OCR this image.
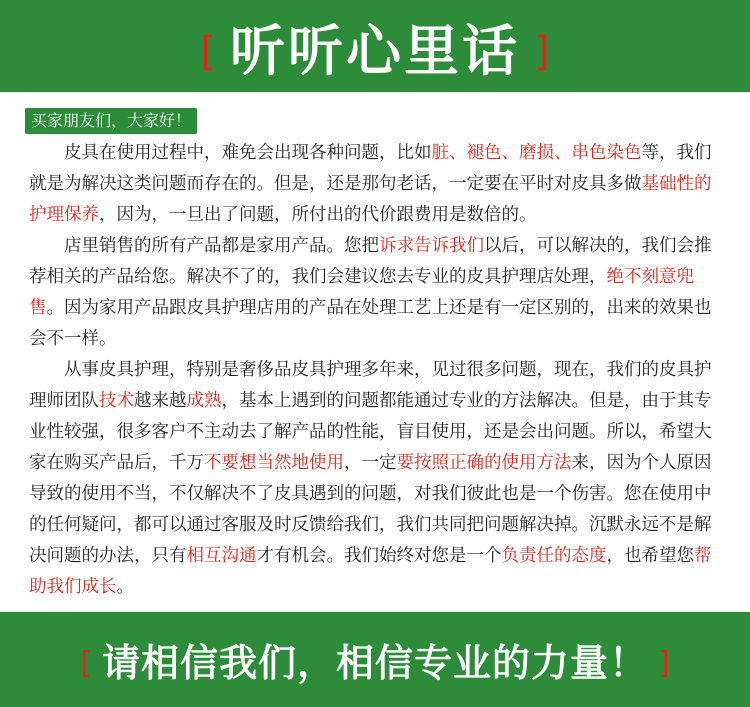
[ 听听心里话 ]
买家朋友们，大家好！

皮具在使用过程中，难免会出现各种问题，比如脏、褪色、磨损、串色染色等，我们就是为解决这类问题而存在的。但是，还是那句老话，一定要在平时对皮具多做基础性的护理保养，因为，一旦出了问题，所付出的代价跟费用是数倍的。

店里销售的所有产品都是家用产品。您把诉求告诉我们以后，可以解决的，我们会推荐相关的产品给您。解决不了的，我们会建议您去专业的皮具护理店处理，绝不刻意兜售。因为家用产品跟皮具护理店用的产品在处理工艺上还是有一定区别的，出来的效果也会不一样。

从事皮具护理，特别是奢侈品皮具护理多年来，见过很多问题，现在，我们的皮具护理师团队技术越来越成熟，基本上遇到的问题都能通过专业的方法解决。但是，由于其专业性较强，很多客户不主动去了解产品的性能，盲目使用，还是会出问题。所以，希望大家在购买产品后，千万不要想当然地使用，一定要按照正确的使用方法来，因为个人原因导致的使用不当，不仅解决不了皮具遇到的问题，对我们彼此也是一个伤害。您在使用中的任何疑问，都可以通过客服及时反馈给我们，我们共同把问题解决掉。沉默永远不是解决问题的办法，只有相互沟通才有机会。我们始终对您是一个负责任的态度，也希望您帮助我们成长。

[ 请相信我们，相信专业的力量！ ]
